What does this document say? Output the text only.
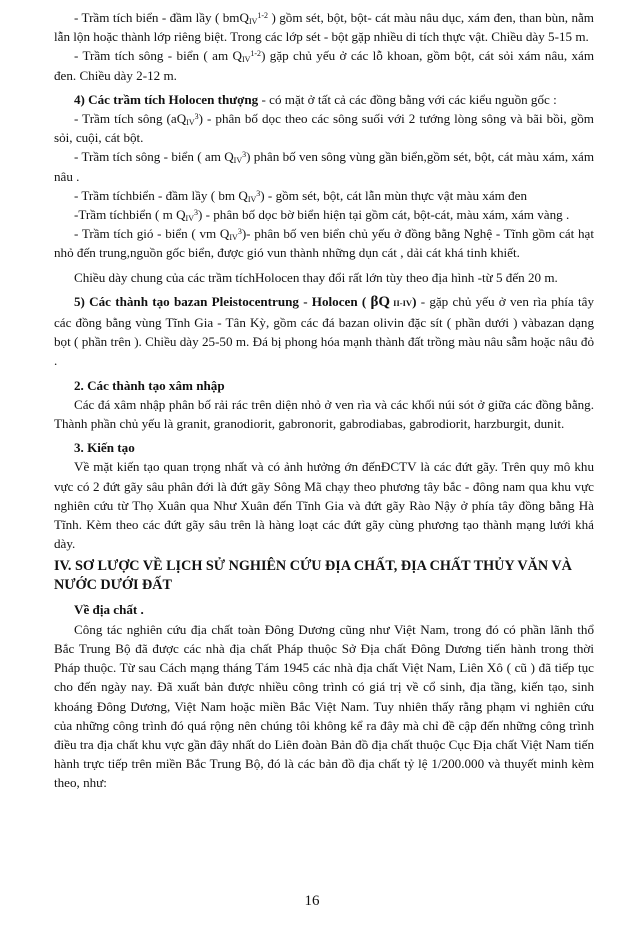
- Trầm tích biển - đầm lầy ( bmQ$_{IV}^{1-2}$ ) gồm sét, bột, bột- cát màu nâu dục, xám đen, than bùn, nằm lẫn lộn hoặc thành lớp riêng biệt. Trong các lớp sét - bột gặp nhiều di tích thực vật. Chiều dày 5-15 m.

- Trầm tích sông - biển ( am $Q_{IV}^{1-2}$) gặp chủ yếu ở các lỗ khoan, gồm bột, cát sỏi xám nâu, xám đen. Chiều dày 2-12 m.

4) Các trầm tích Holocen thượng - có mặt ở tất cả các đồng bằng với các kiểu nguồn gốc :

- Trầm tích sông $(aQ_{IV}^3)$ - phân bố dọc theo các sông suối với 2 tướng lòng sông và bãi bồi, gồm sỏi, cuội, cát bột.

- Trầm tích sông - biển ( am $Q_{IV}^3$) phân bố ven sông vùng gần biển,gồm sét, bột, cát màu xám, xám nâu .

- Trầm tíchbiển - đầm lầy ( bm $Q_{IV}^3$) - gồm sét, bột, cát lẫn mùn thực vật màu xám đen

-Trầm tíchbiển ( m $Q_{IV}^3$) - phân bố dọc bờ biển hiện tại gồm cát, bột-cát, màu xám, xám vàng .

- Trầm tích gió - biển ( vm $Q_{IV}^3)-$ phân bố ven biển chủ yếu ở đồng bằng Nghệ - Tĩnh gồm cát hạt nhỏ đến trung,nguồn gốc biển, được gió vun thành những dụn cát , dải cát khá tinh khiết.

Chiều dày chung của các trầm tíchHolocen thay đổi rất lớn tùy theo địa hình -từ 5 đến 20 m.

5) Các thành tạo bazan Pleistocentrung - Holocen ( βQ II-IV) - gặp chủ yếu ở ven rìa phía tây các đồng bằng vùng Tĩnh Gia - Tân Kỳ, gồm các đá bazan olivin đặc sít ( phần dưới ) vàbazan dạng bọt ( phần trên ). Chiều dày 25-50 m. Đá bị phong hóa mạnh thành đất trồng màu nâu sẫm hoặc nâu đỏ .

2. Các thành tạo xâm nhập

Các đá xâm nhập phân bố rải rác trên diện nhỏ ở ven rìa và các khối núi sót ở giữa các đồng bằng. Thành phần chủ yếu là granit, granodiorit, gabronorit, gabrodiabas, gabrodiorit, harzburgit, dunit.

3. Kiến tạo

Về mặt kiến tạo quan trọng nhất và có ảnh hưởng ớn đếnĐCTV là các đứt gãy. Trên quy mô khu vực có 2 đứt gãy sâu phân đới là đứt gãy Sông Mã chạy theo phương tây bắc - đông nam qua khu vực nghiên cứu từ Thọ Xuân qua Như Xuân đến Tĩnh Gia và đứt gãy Rào Nậy ở phía tây đồng bằng Hà Tĩnh. Kèm theo các đứt gãy sâu trên là hàng loạt các đứt gãy cùng phương tạo thành mạng lưới khá dày.

IV. SƠ LƯỢC VỀ LỊCH SỬ NGHIÊN CỨU ĐỊA CHẤT, ĐỊA CHẤT THỦY VĂN VÀ NƯỚC DƯỚI ĐẤT

Về địa chất .

Công tác nghiên cứu địa chất toàn Đông Dương cũng như Việt Nam, trong đó có phần lãnh thổ Bắc Trung Bộ đã được các nhà địa chất Pháp thuộc Sở Địa chất Đông Dương tiến hành trong thời Pháp thuộc. Từ sau Cách mạng tháng Tám 1945 các nhà địa chất Việt Nam, Liên Xô ( cũ ) đã tiếp tục cho đến ngày nay. Đã xuất bản được nhiều công trình có giá trị về cổ sinh, địa tầng, kiến tạo, sinh khoáng Đông Dương, Việt Nam hoặc miền Bắc Việt Nam. Tuy nhiên thấy rằng phạm vi nghiên cứu của những công trình đó quá rộng nên chúng tôi không kể ra đây mà chỉ đề cập đến những công trình điều tra địa chất khu vực gần đây nhất do Liên đoàn Bản đồ địa chất thuộc Cục Địa chất Việt Nam tiến hành trực tiếp trên miền Bắc Trung Bộ, đó là các bản đồ địa chất tỷ lệ 1/200.000 và thuyết minh kèm theo, như:

16
